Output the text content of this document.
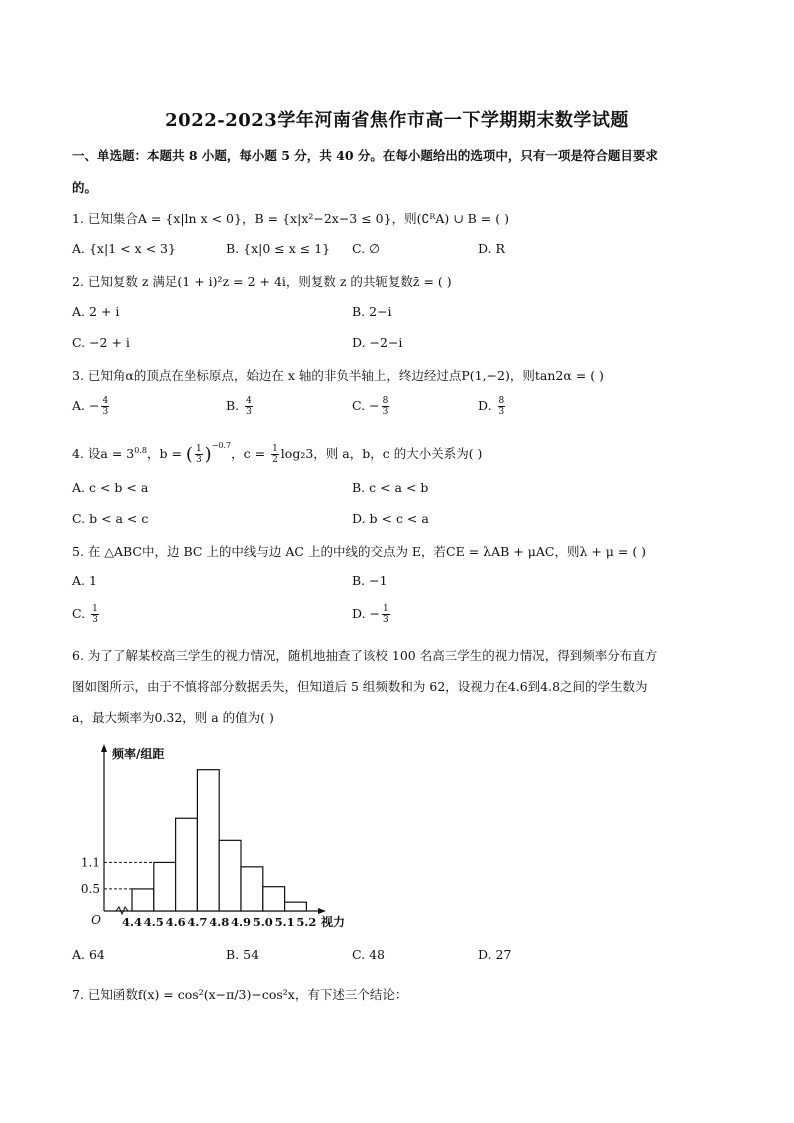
2022-2023学年河南省焦作市高一下学期期末数学试题
一、单选题：本题共 8 小题，每小题 5 分，共 40 分。在每小题给出的选项中，只有一项是符合题目要求
的。
1. 已知集合A = {x|ln x < 0}，B = {x|x²−2x−3 ≤ 0}，则(∁ᴿA) ∪ B = ( )
A. {x|1 < x < 3}	B. {x|0 ≤ x ≤ 1} C. ∅	D. R
2. 已知复数 z 满足(1 + i)²z = 2 + 4i，则复数 z 的共轭复数z̄ = ( )
A. 2 + i	B. 2−i
C. −2 + i	D. −2−i
3. 已知角α的顶点在坐标原点，始边在 x 轴的非负半轴上，终边经过点P(1,−2)，则tan2α = ( )
A. − $\frac{4}{3}$	B. $\frac{4}{3}$	C. − $\frac{8}{3}$	D. $\frac{8}{3}$
4. 设$a = 3^{0.8}$，b = ( $\frac{1}{3} )^{-0.7}$，$c = \frac{1}{2} \log_23$，则 a，b，c 的大小关系为( )
A. c < b < a	B. c < a < b
C. b < a < c	D. b < c < a
5. 在 △ABC中，边 BC 上的中线与边 AC 上的中线的交点为 E，若CE = λAB + μAC，则λ + μ = ( )
A. 1	B. −1
C. $\frac{1}{3}$	D. − $\frac{1}{3}$
6. 为了了解某校高三学生的视力情况，随机地抽查了该校 100 名高三学生的视力情况，得到频率分布直方
图如图所示，由于不慎将部分数据丢失，但知道后 5 组频数和为 62，设视力在4.6到4.8之间的学生数为
a，最大频率为0.32，则 a 的值为( )
0.5
1.1
4.4 4.5 4.6 4.7 4.8 4.9 5.0 5.1 5.2
O	视力
频率/组距
A. 64	B. 54	C. 48	D. 27
7. 已知函数f(x) = cos²(x−π/3)−cos²x，有下述三个结论：
